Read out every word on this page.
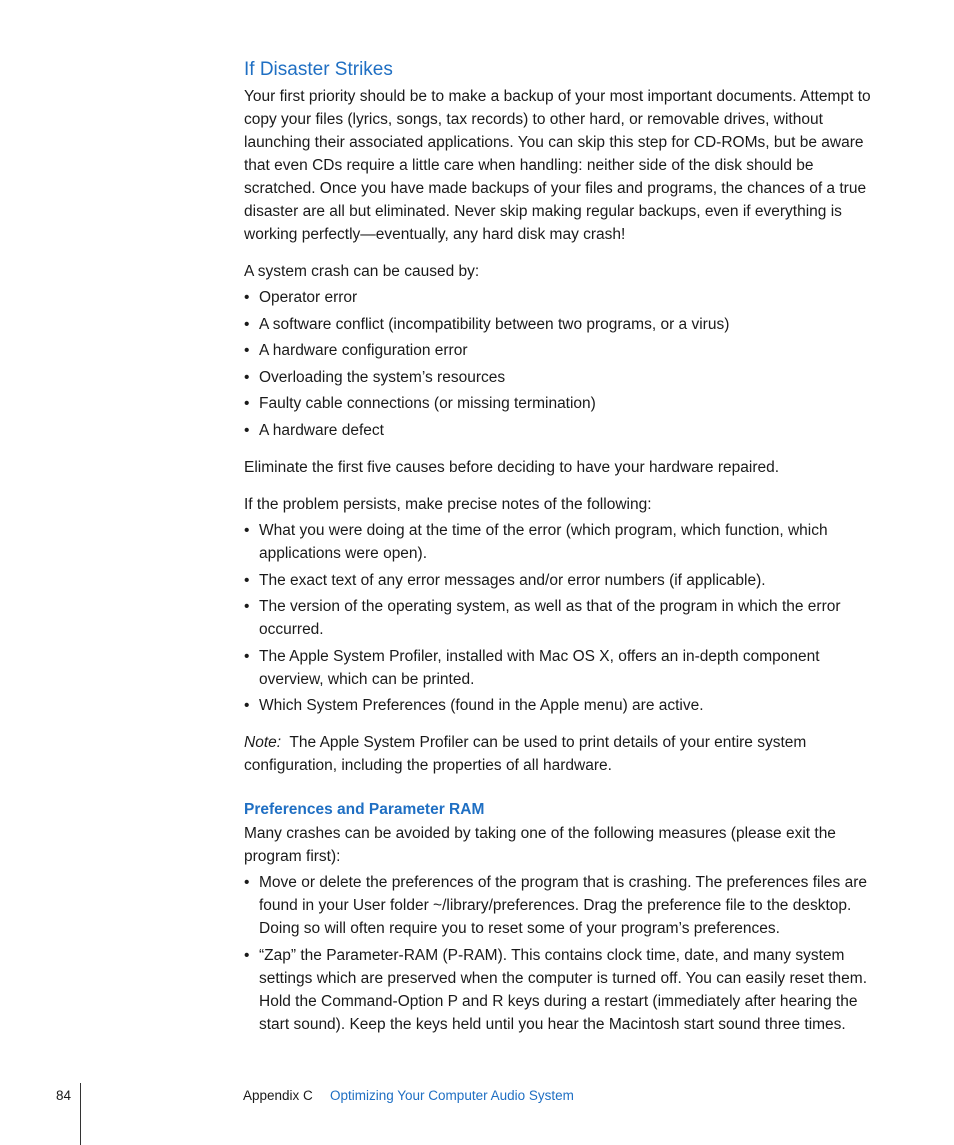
If Disaster Strikes

Your first priority should be to make a backup of your most important documents. Attempt to copy your files (lyrics, songs, tax records) to other hard, or removable drives, without launching their associated applications. You can skip this step for CD-ROMs, but be aware that even CDs require a little care when handling: neither side of the disk should be scratched. Once you have made backups of your files and programs, the chances of a true disaster are all but eliminated. Never skip making regular backups, even if everything is working perfectly—eventually, any hard disk may crash!

A system crash can be caused by:

• Operator error
• A software conflict (incompatibility between two programs, or a virus)
• A hardware configuration error
• Overloading the system’s resources
• Faulty cable connections (or missing termination)
• A hardware defect

Eliminate the first five causes before deciding to have your hardware repaired.

If the problem persists, make precise notes of the following:

• What you were doing at the time of the error (which program, which function, which applications were open).
• The exact text of any error messages and/or error numbers (if applicable).
• The version of the operating system, as well as that of the program in which the error occurred.
• The Apple System Profiler, installed with Mac OS X, offers an in-depth component overview, which can be printed.
• Which System Preferences (found in the Apple menu) are active.

Note: The Apple System Profiler can be used to print details of your entire system configuration, including the properties of all hardware.

Preferences and Parameter RAM

Many crashes can be avoided by taking one of the following measures (please exit the program first):

• Move or delete the preferences of the program that is crashing. The preferences files are found in your User folder ~/library/preferences. Drag the preference file to the desktop. Doing so will often require you to reset some of your program’s preferences.
• “Zap” the Parameter-RAM (P-RAM). This contains clock time, date, and many system settings which are preserved when the computer is turned off. You can easily reset them. Hold the Command-Option P and R keys during a restart (immediately after hearing the start sound). Keep the keys held until you hear the Macintosh start sound three times.
84	Appendix C Optimizing Your Computer Audio System
